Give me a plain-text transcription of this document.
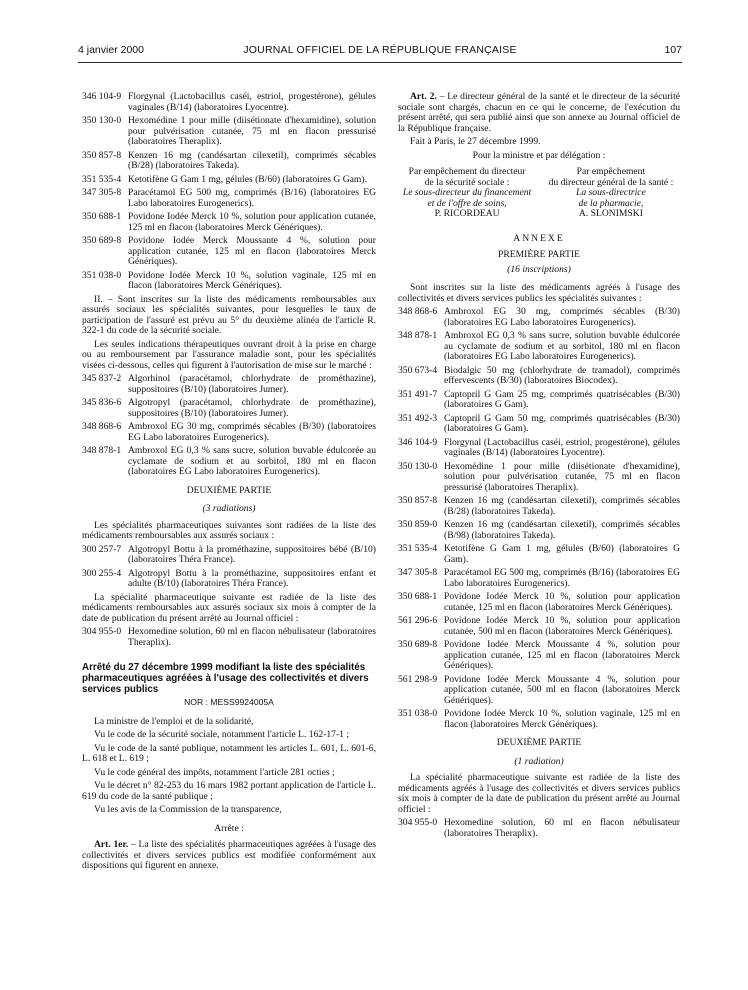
4 janvier 2000	JOURNAL OFFICIEL DE LA RÉPUBLIQUE FRANÇAISE	107
346 104-9 Florgynal (Lactobacillus caséi, estriol, progestérone), gélules vaginales (B/14) (laboratoires Lyocentre).
350 130-0 Hexomédine 1 pour mille (diisétionate d'hexamidine), solution pour pulvérisation cutanée, 75 ml en flacon pressurisé (laboratoires Theraplix).
350 857-8 Kenzen 16 mg (candésartan cilexetil), comprimés sécables (B/28) (laboratoires Takeda).
351 535-4 Ketotifène G Gam 1 mg, gélules (B/60) (laboratoires G Gam).
347 305-8 Paracétamol EG 500 mg, comprimés (B/16) (laboratoires EG Labo laboratoires Eurogenerics).
350 688-1 Povidone Iodée Merck 10 %, solution pour application cutanée, 125 ml en flacon (laboratoires Merck Génériques).
350 689-8 Povidone Iodée Merck Moussante 4 %, solution pour application cutanée, 125 ml en flacon (laboratoires Merck Génériques).
351 038-0 Povidone Iodée Merck 10 %, solution vaginale, 125 ml en flacon (laboratoires Merck Génériques).

II. – Sont inscrites sur la liste des médicaments remboursables aux assurés sociaux les spécialités suivantes, pour lesquelles le taux de participation de l'assuré est prévu au 5° du deuxième alinéa de l'article R. 322-1 du code de la sécurité sociale.

Les seules indications thérapeutiques ouvrant droit à la prise en charge ou au remboursement par l'assurance maladie sont, pour les spécialités visées ci-dessous, celles qui figurent à l'autorisation de mise sur le marché :

345 837-2 Algorhinol (paracétamol, chlorhydrate de prométhazine), suppositoires (B/10) (laboratoires Jumer).
345 836-6 Algotropyl (paracétamol, chlorhydrate de prométhazine), suppositoires (B/10) (laboratoires Jumer).
348 868-6 Ambroxol EG 30 mg, comprimés sécables (B/30) (laboratoires EG Labo laboratoires Eurogenerics).
348 878-1 Ambroxol EG 0,3 % sans sucre, solution buvable édulcorée au cyclamate de sodium et au sorbitol, 180 ml en flacon (laboratoires EG Labo laboratoires Eurogenerics).

DEUXIÈME PARTIE

(3 radiations)

Les spécialités pharmaceutiques suivantes sont radiées de la liste des médicaments remboursables aux assurés sociaux :

300 257-7 Algotropyl Bottu à la prométhazine, suppositoires bébé (B/10) (laboratoires Théra France).
300 255-4 Algotropyl Bottu à la prométhazine, suppositoires enfant et adulte (B/10) (laboratoires Théra France).

La spécialité pharmaceutique suivante est radiée de la liste des médicaments remboursables aux assurés sociaux six mois à compter de la date de publication du présent arrêté au Journal officiel :

304 955-0 Hexomedine solution, 60 ml en flacon nébulisateur (laboratoires Theraplix).

Arrêté du 27 décembre 1999 modifiant la liste des spécialités pharmaceutiques agréées à l'usage des collectivités et divers services publics

NOR : MESS9924005A

La ministre de l'emploi et de la solidarité,

Vu le code de la sécurité sociale, notamment l'article L. 162-17-1 ;

Vu le code de la santé publique, notamment les articles L. 601, L. 601-6, L. 618 et L. 619 ;

Vu le code général des impôts, notamment l'article 281 octies ;

Vu le décret n° 82-253 du 16 mars 1982 portant application de l'article L. 619 du code de la santé publique ;

Vu les avis de la Commission de la transparence,

Arrête :

Art. 1er. – La liste des spécialités pharmaceutiques agréées à l'usage des collectivités et divers services publics est modifiée conformément aux dispositions qui figurent en annexe.

Art. 2. – Le directeur général de la santé et le directeur de la sécurité sociale sont chargés, chacun en ce qui le concerne, de l'exécution du présent arrêté, qui sera publié ainsi que son annexe au Journal officiel de la République française.

Fait à Paris, le 27 décembre 1999.

Pour la ministre et par délégation :

Par empêchement du directeur
de la sécurité sociale :
Le sous-directeur du financement
et de l'offre de soins,
P. RICORDEAU
Par empêchement
du directeur général de la santé :
La sous-directrice
de la pharmacie,
A. SLONIMSKI

ANNEXE

PREMIÈRE PARTIE

(16 inscriptions)

Sont inscrites sur la liste des médicaments agréés à l'usage des collectivités et divers services publics les spécialités suivantes :

348 868-6 Ambroxol EG 30 mg, comprimés sécables (B/30) (laboratoires EG Labo laboratoires Eurogenerics).
348 878-1 Ambroxol EG 0,3 % sans sucre, solution buvable édulcorée au cyclamate de sodium et au sorbitol, 180 ml en flacon (laboratoires EG Labo laboratoires Eurogenerics).
350 673-4 Biodalgic 50 mg (chlorhydrate de tramadol), comprimés effervescents (B/30) (laboratoires Biocodex).
351 491-7 Captopril G Gam 25 mg, comprimés quatrisécables (B/30) (laboratoires G Gam).
351 492-3 Captopril G Gam 50 mg, comprimés quatrisécables (B/30) (laboratoires G Gam).
346 104-9 Florgynal (Lactobacillus caséi, estriol, progestérone), gélules vaginales (B/14) (laboratoires Lyocentre).
350 130-0 Hexomédine 1 pour mille (diisétionate d'hexamidine), solution pour pulvérisation cutanée, 75 ml en flacon pressurisé (laboratoires Theraplix).
350 857-8 Kenzen 16 mg (candésartan cilexetil), comprimés sécables (B/28) (laboratoires Takeda).
350 859-0 Kenzen 16 mg (candésartan cilexetil), comprimés sécables (B/98) (laboratoires Takeda).
351 535-4 Ketotifène G Gam 1 mg, gélules (B/60) (laboratoires G Gam).
347 305-8 Paracétamol EG 500 mg, comprimés (B/16) (laboratoires EG Labo laboratoires Eurogenerics).
350 688-1 Povidone Iodée Merck 10 %, solution pour application cutanée, 125 ml en flacon (laboratoires Merck Génériques).
561 296-6 Povidone Iodée Merck 10 %, solution pour application cutanée, 500 ml en flacon (laboratoires Merck Génériques).
350 689-8 Povidone Iodée Merck Moussante 4 %, solution pour application cutanée, 125 ml en flacon (laboratoires Merck Génériques).
561 298-9 Povidone Iodée Merck Moussante 4 %, solution pour application cutanée, 500 ml en flacon (laboratoires Merck Génériques).
351 038-0 Povidone Iodée Merck 10 %, solution vaginale, 125 ml en flacon (laboratoires Merck Génériques).

DEUXIÈME PARTIE

(1 radiation)

La spécialité pharmaceutique suivante est radiée de la liste des médicaments agréés à l'usage des collectivités et divers services publics six mois à compter de la date de publication du présent arrêté au Journal officiel :

304 955-0 Hexomedine solution, 60 ml en flacon nébulisateur (laboratoires Theraplix).
